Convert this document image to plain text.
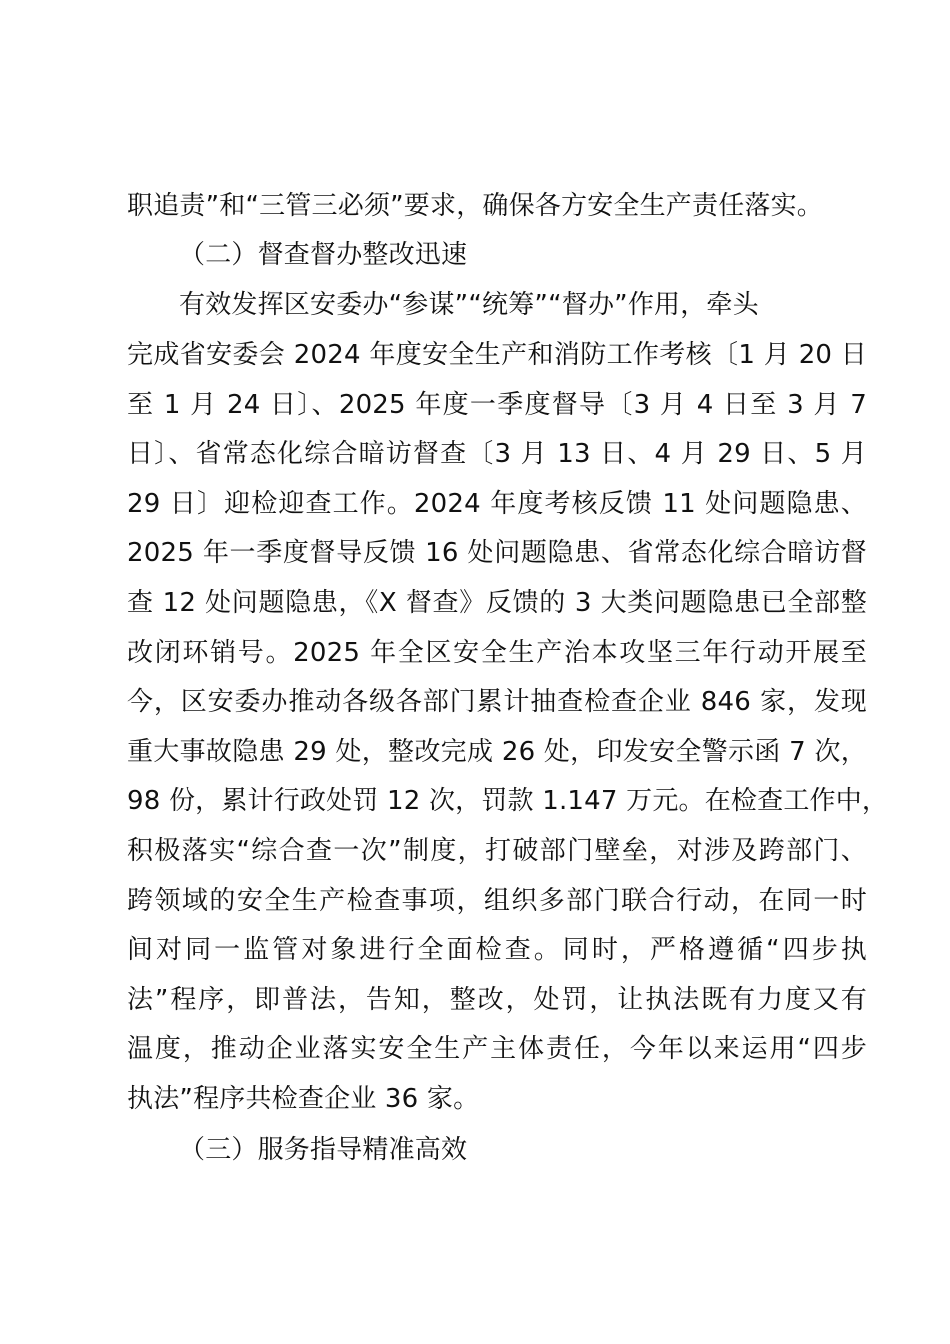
职追责”和“三管三必须”要求，确保各方安全生产责任落实。
（二）督查督办整改迅速
有效发挥区安委办“参谋”“统筹”“督办”作用，牵头
完成省安委会 2024 年度安全生产和消防工作考核〔1 月 20 日
至 1 月 24 日〕、2025 年度一季度督导〔3 月 4 日至 3 月 7
日〕、省常态化综合暗访督查〔3 月 13 日、4 月 29 日、5 月
29 日〕迎检迎查工作。2024 年度考核反馈 11 处问题隐患、
2025 年一季度督导反馈 16 处问题隐患、省常态化综合暗访督
查 12 处问题隐患，《X 督查》反馈的 3 大类问题隐患已全部整
改闭环销号。2025 年全区安全生产治本攻坚三年行动开展至
今，区安委办推动各级各部门累计抽查检查企业 846 家，发现
重大事故隐患 29 处，整改完成 26 处，印发安全警示函 7 次，
98 份，累计行政处罚 12 次，罚款 1.147 万元。在检查工作中，
积极落实“综合查一次”制度，打破部门壁垒，对涉及跨部门、
跨领域的安全生产检查事项，组织多部门联合行动，在同一时
间对同一监管对象进行全面检查。同时，严格遵循“四步执
法”程序，即普法，告知，整改，处罚，让执法既有力度又有
温度，推动企业落实安全生产主体责任，今年以来运用“四步
执法”程序共检查企业 36 家。
（三）服务指导精准高效
